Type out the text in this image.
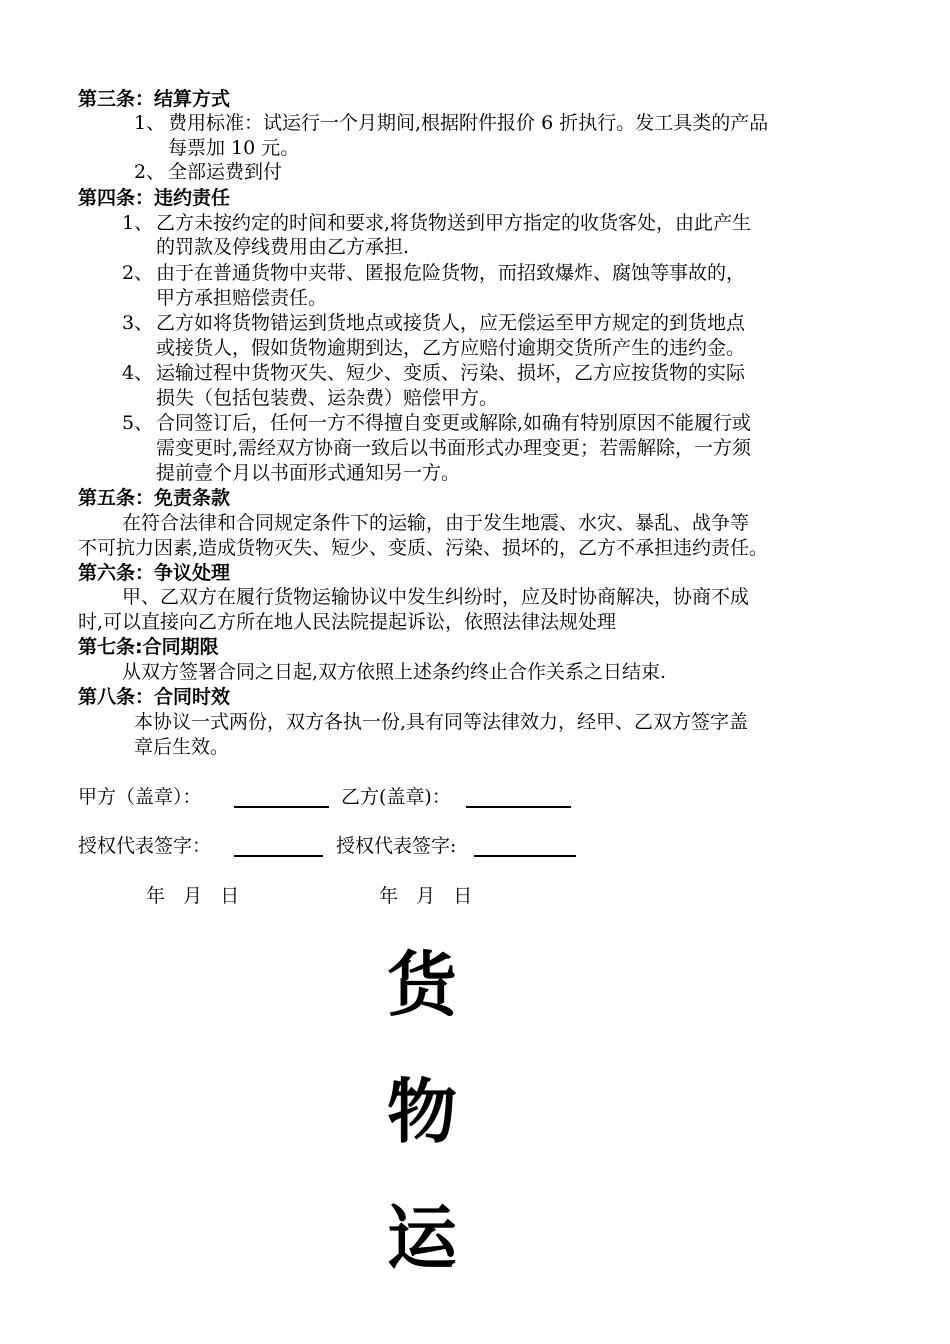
第三条：结算方式
1、 费用标准：试运行一个月期间,根据附件报价 6 折执行。发工具类的产品
每票加 10 元。
2、 全部运费到付
第四条：违约责任
1、 乙方未按约定的时间和要求,将货物送到甲方指定的收货客处，由此产生
的罚款及停线费用由乙方承担.
2、 由于在普通货物中夹带、匿报危险货物，而招致爆炸、腐蚀等事故的，
甲方承担赔偿责任。
3、 乙方如将货物错运到货地点或接货人，应无偿运至甲方规定的到货地点
或接货人，假如货物逾期到达，乙方应赔付逾期交货所产生的违约金。
4、 运输过程中货物灭失、短少、变质、污染、损坏，乙方应按货物的实际
损失（包括包装费、运杂费）赔偿甲方。
5、 合同签订后，任何一方不得擅自变更或解除,如确有特别原因不能履行或
需变更时,需经双方协商一致后以书面形式办理变更；若需解除，一方须
提前壹个月以书面形式通知另一方。
第五条：免责条款
在符合法律和合同规定条件下的运输，由于发生地震、水灾、暴乱、战争等
不可抗力因素,造成货物灭失、短少、变质、污染、损坏的，乙方不承担违约责任。
第六条：争议处理
甲、乙双方在履行货物运输协议中发生纠纷时，应及时协商解决，协商不成
时,可以直接向乙方所在地人民法院提起诉讼，依照法律法规处理
第七条:合同期限
从双方签署合同之日起,双方依照上述条约终止合作关系之日结束.
第八条：合同时效
本协议一式两份，双方各执一份,具有同等法律效力，经甲、乙双方签字盖
章后生效。
甲方（盖章）：	乙方(盖章)：
授权代表签字：	授权代表签字:
年   月   日	年   月   日
货
物
运
